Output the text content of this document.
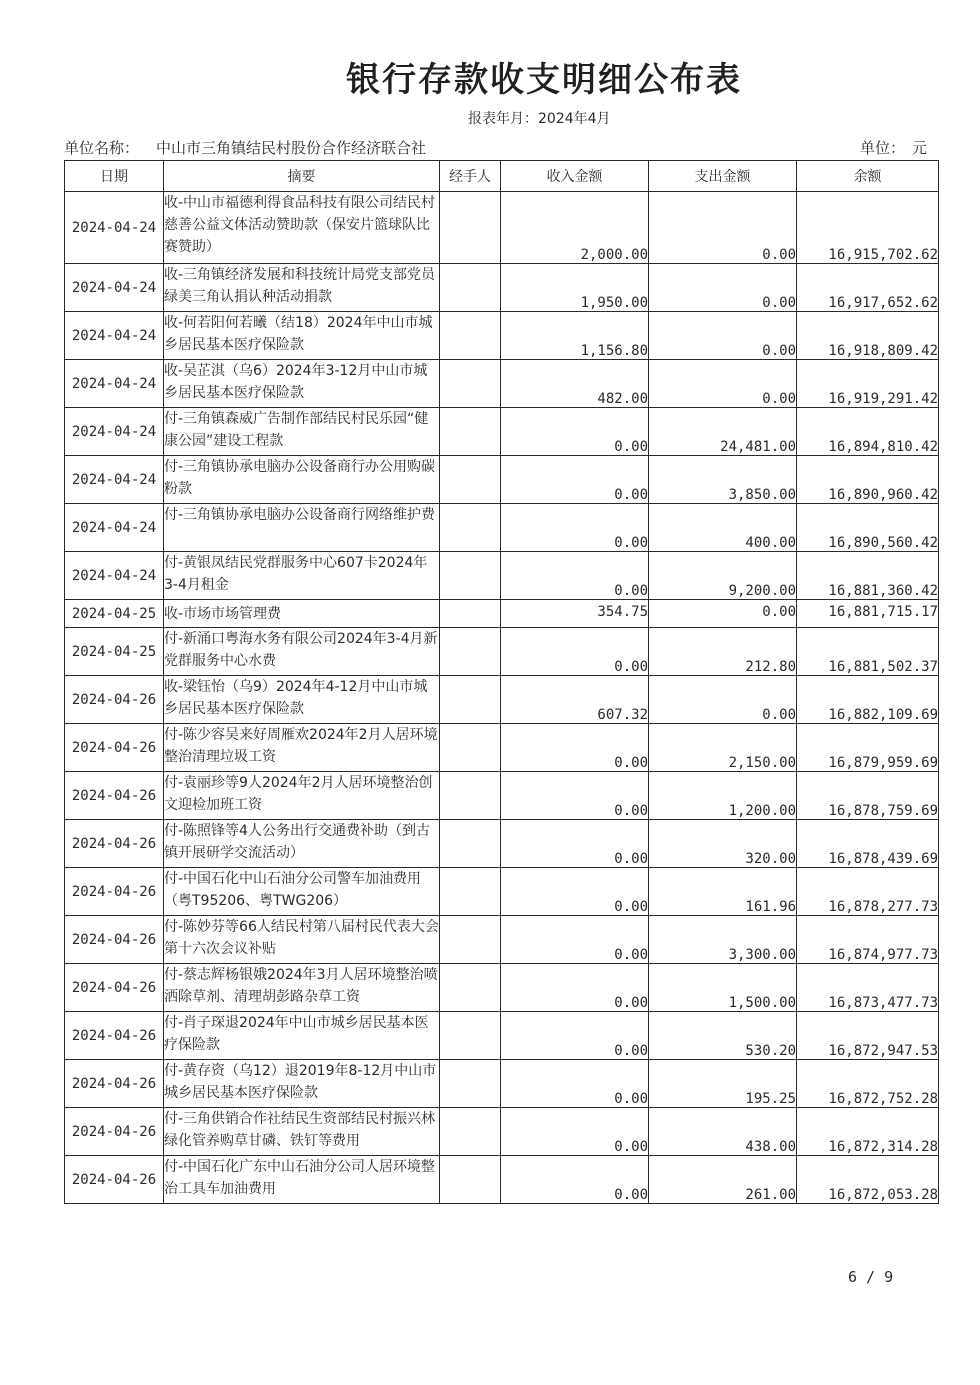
银行存款收支明细公布表
报表年月：2024年4月
单位名称： 中山市三角镇结民村股份合作经济联合社	单位： 元
日期	摘要	经手人	收入金额	支出金额	余额
2024-04-24	收-中山市福德利得食品科技有限公司结民村慈善公益文体活动赞助款（保安片篮球队比赛赞助）		2,000.00	0.00	16,915,702.62
2024-04-24	收-三角镇经济发展和科技统计局党支部党员绿美三角认捐认种活动捐款		1,950.00	0.00	16,917,652.62
2024-04-24	收-何若阳何若曦（结18）2024年中山市城乡居民基本医疗保险款		1,156.80	0.00	16,918,809.42
2024-04-24	收-吴芷淇（乌6）2024年3-12月中山市城乡居民基本医疗保险款		482.00	0.00	16,919,291.42
2024-04-24	付-三角镇森威广告制作部结民村民乐园“健康公园”建设工程款		0.00	24,481.00	16,894,810.42
2024-04-24	付-三角镇协承电脑办公设备商行办公用购碳粉款		0.00	3,850.00	16,890,960.42
2024-04-24	付-三角镇协承电脑办公设备商行网络维护费		0.00	400.00	16,890,560.42
2024-04-24	付-黄银凤结民党群服务中心607卡2024年3-4月租金		0.00	9,200.00	16,881,360.42
2024-04-25	收-市场市场管理费		354.75	0.00	16,881,715.17
2024-04-25	付-新涌口粤海水务有限公司2024年3-4月新党群服务中心水费		0.00	212.80	16,881,502.37
2024-04-26	收-梁钰怡（乌9）2024年4-12月中山市城乡居民基本医疗保险款		607.32	0.00	16,882,109.69
2024-04-26	付-陈少容吴来好周雁欢2024年2月人居环境整治清理垃圾工资		0.00	2,150.00	16,879,959.69
2024-04-26	付-袁丽珍等9人2024年2月人居环境整治创文迎检加班工资		0.00	1,200.00	16,878,759.69
2024-04-26	付-陈照锋等4人公务出行交通费补助（到古镇开展研学交流活动）		0.00	320.00	16,878,439.69
2024-04-26	付-中国石化中山石油分公司警车加油费用（粤T95206、粤TWG206）		0.00	161.96	16,878,277.73
2024-04-26	付-陈妙芬等66人结民村第八届村民代表大会第十六次会议补贴		0.00	3,300.00	16,874,977.73
2024-04-26	付-蔡志辉杨银娥2024年3月人居环境整治喷洒除草剂、清理胡彭路杂草工资		0.00	1,500.00	16,873,477.73
2024-04-26	付-肖子琛退2024年中山市城乡居民基本医疗保险款		0.00	530.20	16,872,947.53
2024-04-26	付-黄存资（乌12）退2019年8-12月中山市城乡居民基本医疗保险款		0.00	195.25	16,872,752.28
2024-04-26	付-三角供销合作社结民生资部结民村振兴林绿化管养购草甘磷、铁钉等费用		0.00	438.00	16,872,314.28
2024-04-26	付-中国石化广东中山石油分公司人居环境整治工具车加油费用		0.00	261.00	16,872,053.28
6 / 9
